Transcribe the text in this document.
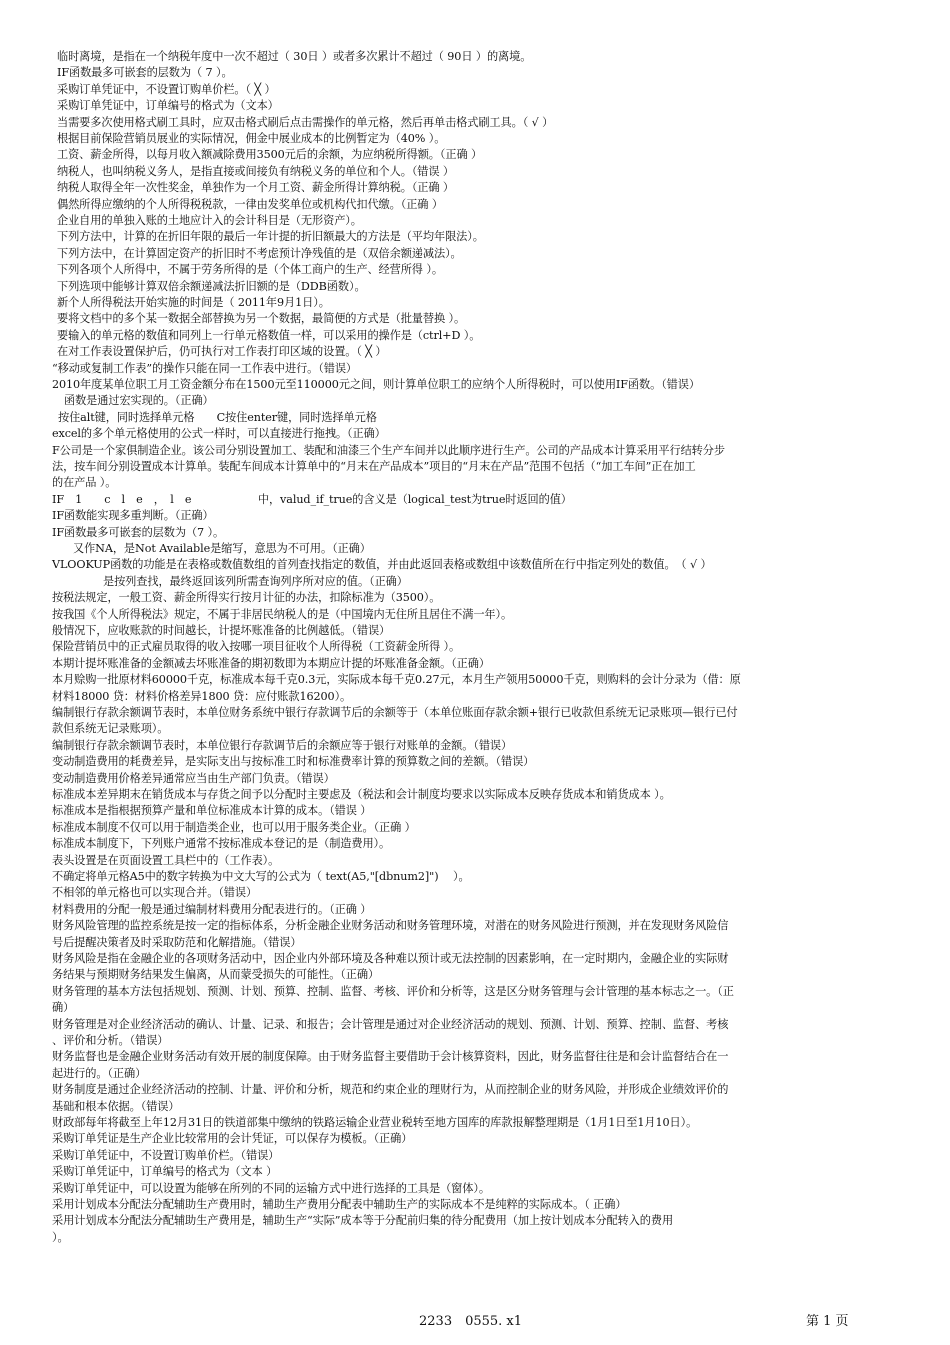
临时离境，是指在一个纳税年度中一次不超过（ 30日 ）或者多次累计不超过（ 90日 ）的离境。
IF函数最多可嵌套的层数为（ 7 ）。
采购订单凭证中，不设置订购单价栏。（ ╳ ）
采购订单凭证中，订单编号的格式为（文本）
当需要多次使用格式刷工具时，应双击格式刷后点击需操作的单元格，然后再单击格式刷工具。（ √ ）
根据目前保险营销员展业的实际情况，佣金中展业成本的比例暂定为（40% ）。
工资、薪金所得，以每月收入额减除费用3500元后的余额，为应纳税所得额。（正确 ）
纳税人，也叫纳税义务人，是指直接或间接负有纳税义务的单位和个人。（错误 ）
纳税人取得全年一次性奖金，单独作为一个月工资、薪金所得计算纳税。（正确 ）
偶然所得应缴纳的个人所得税税款，一律由发奖单位或机构代扣代缴。（正确 ）
企业自用的单独入账的土地应计入的会计科目是（无形资产）。
下列方法中，计算的在折旧年限的最后一年计提的折旧额最大的方法是（平均年限法）。
下列方法中，在计算固定资产的折旧时不考虑预计净残值的是（双倍余额递减法）。
下列各项个人所得中，不属于劳务所得的是（个体工商户的生产、经营所得 ）。
下列选项中能够计算双倍余额递减法折旧额的是（DDB函数）。
新个人所得税法开始实施的时间是（ 2011年9月1日）。
要将文档中的多个某一数据全部替换为另一个数据，最简便的方式是（批量替换 ）。
要输入的单元格的数值和同列上一行单元格数值一样，可以采用的操作是（ctrl+D ）。
在对工作表设置保护后，仍可执行对工作表打印区域的设置。（ ╳ ）
“移动或复制工作表”的操作只能在同一工作表中进行。（错误）
2010年度某单位职工月工资金额分布在1500元至110000元之间，则计算单位职工的应纳个人所得税时，可以使用IF函数。（错误）
函数是通过宏实现的。（正确）
按住alt键，同时选择单元格　　C按住enter键，同时选择单元格
excel的多个单元格使用的公式一样时，可以直接进行拖拽。（正确）
F公司是一个家俱制造企业。该公司分别设置加工、装配和油漆三个生产车间并以此顺序进行生产。公司的产品成本计算采用平行结转分步
法，按车间分别设置成本计算单。装配车间成本计算单中的“月末在产品成本”项目的“月末在产品”范围不包括（“加工车间”正在加工
的在产品 ）。
IF　1　　c　l　e　，　l　e　　　　　　中，valud_if_true的含义是（logical_test为true时返回的值）
IF函数能实现多重判断。（正确）
IF函数最多可嵌套的层数为（7 ）。
又作NA，是Not Available是缩写，意思为不可用。（正确）
VLOOKUP函数的功能是在表格或数值数组的首列查找指定的数值，并由此返回表格或数组中该数值所在行中指定列处的数值。　（ √ ）
是按列查找，最终返回该列所需查询列序所对应的值。（正确）
按税法规定，一般工资、薪金所得实行按月计征的办法，扣除标准为（3500）。
按我国《个人所得税法》规定，不属于非居民纳税人的是（中国境内无住所且居住不满一年）。
般情况下，应收账款的时间越长，计提坏账准备的比例越低。（错误）
保险营销员中的正式雇员取得的收入按哪一项目征收个人所得税（工资薪金所得 ）。
本期计提坏账准备的金额减去坏账准备的期初数即为本期应计提的坏账准备金额。（正确）
本月赊购一批原材料60000千克，标准成本每千克0.3元，实际成本每千克0.27元，本月生产领用50000千克，则购料的会计分录为（借：原
材料18000 贷：材料价格差异1800 贷：应付账款16200）。
编制银行存款余额调节表时，本单位财务系统中银行存款调节后的余额等于（本单位账面存款余额+银行已收款但系统无记录账项—银行已付
款但系统无记录账项）。
编制银行存款余额调节表时，本单位银行存款调节后的余额应等于银行对账单的金额。（错误）
变动制造费用的耗费差异，是实际支出与按标准工时和标准费率计算的预算数之间的差额。（错误）
变动制造费用价格差异通常应当由生产部门负责。（错误）
标准成本差异期末在销货成本与存货之间予以分配时主要虑及（税法和会计制度均要求以实际成本反映存货成本和销货成本 ）。
标准成本是指根据预算产量和单位标准成本计算的成本。（错误 ）
标准成本制度不仅可以用于制造类企业，也可以用于服务类企业。（正确 ）
标准成本制度下，下列账户通常不按标准成本登记的是（制造费用）。
表头设置是在页面设置工具栏中的（工作表）。
不确定将单元格A5中的数字转换为中文大写的公式为（ text(A5,"[dbnum2]")　 ）。
不相邻的单元格也可以实现合并。（错误）
材料费用的分配一般是通过编制材料费用分配表进行的。（正确 ）
财务风险管理的监控系统是按一定的指标体系，分析金融企业财务活动和财务管理环境，对潜在的财务风险进行预测，并在发现财务风险信
号后提醒决策者及时采取防范和化解措施。（错误）
财务风险是指在金融企业的各项财务活动中，因企业内外部环境及各种难以预计或无法控制的因素影响，在一定时期内，金融企业的实际财
务结果与预期财务结果发生偏离，从而蒙受损失的可能性。（正确）
财务管理的基本方法包括规划、预测、计划、预算、控制、监督、考核、评价和分析等，这是区分财务管理与会计管理的基本标志之一。（正
确）
财务管理是对企业经济活动的确认、计量、记录、和报告；会计管理是通过对企业经济活动的规划、预测、计划、预算、控制、监督、考核
、评价和分析。（错误）
财务监督也是金融企业财务活动有效开展的制度保障。由于财务监督主要借助于会计核算资料，因此，财务监督往往是和会计监督结合在一
起进行的。（正确）
财务制度是通过企业经济活动的控制、计量、评价和分析，规范和约束企业的理财行为，从而控制企业的财务风险，并形成企业绩效评价的
基础和根本依据。（错误）
财政部每年将截至上年12月31日的铁道部集中缴纳的铁路运输企业营业税转至地方国库的库款报解整理期是（1月1日至1月10日）。
采购订单凭证是生产企业比较常用的会计凭证，可以保存为模板。（正确）
采购订单凭证中，不设置订购单价栏。（错误）
采购订单凭证中，订单编号的格式为（文本 ）
采购订单凭证中，可以设置为能够在所列的不同的运输方式中进行选择的工具是（窗体）。
采用计划成本分配法分配辅助生产费用时，辅助生产费用分配表中辅助生产的实际成本不是纯粹的实际成本。（ 正确）
采用计划成本分配法分配辅助生产费用是，辅助生产“实际”成本等于分配前归集的待分配费用（加上按计划成本分配转入的费用
）。
2233　0555. x1	第 1 页
